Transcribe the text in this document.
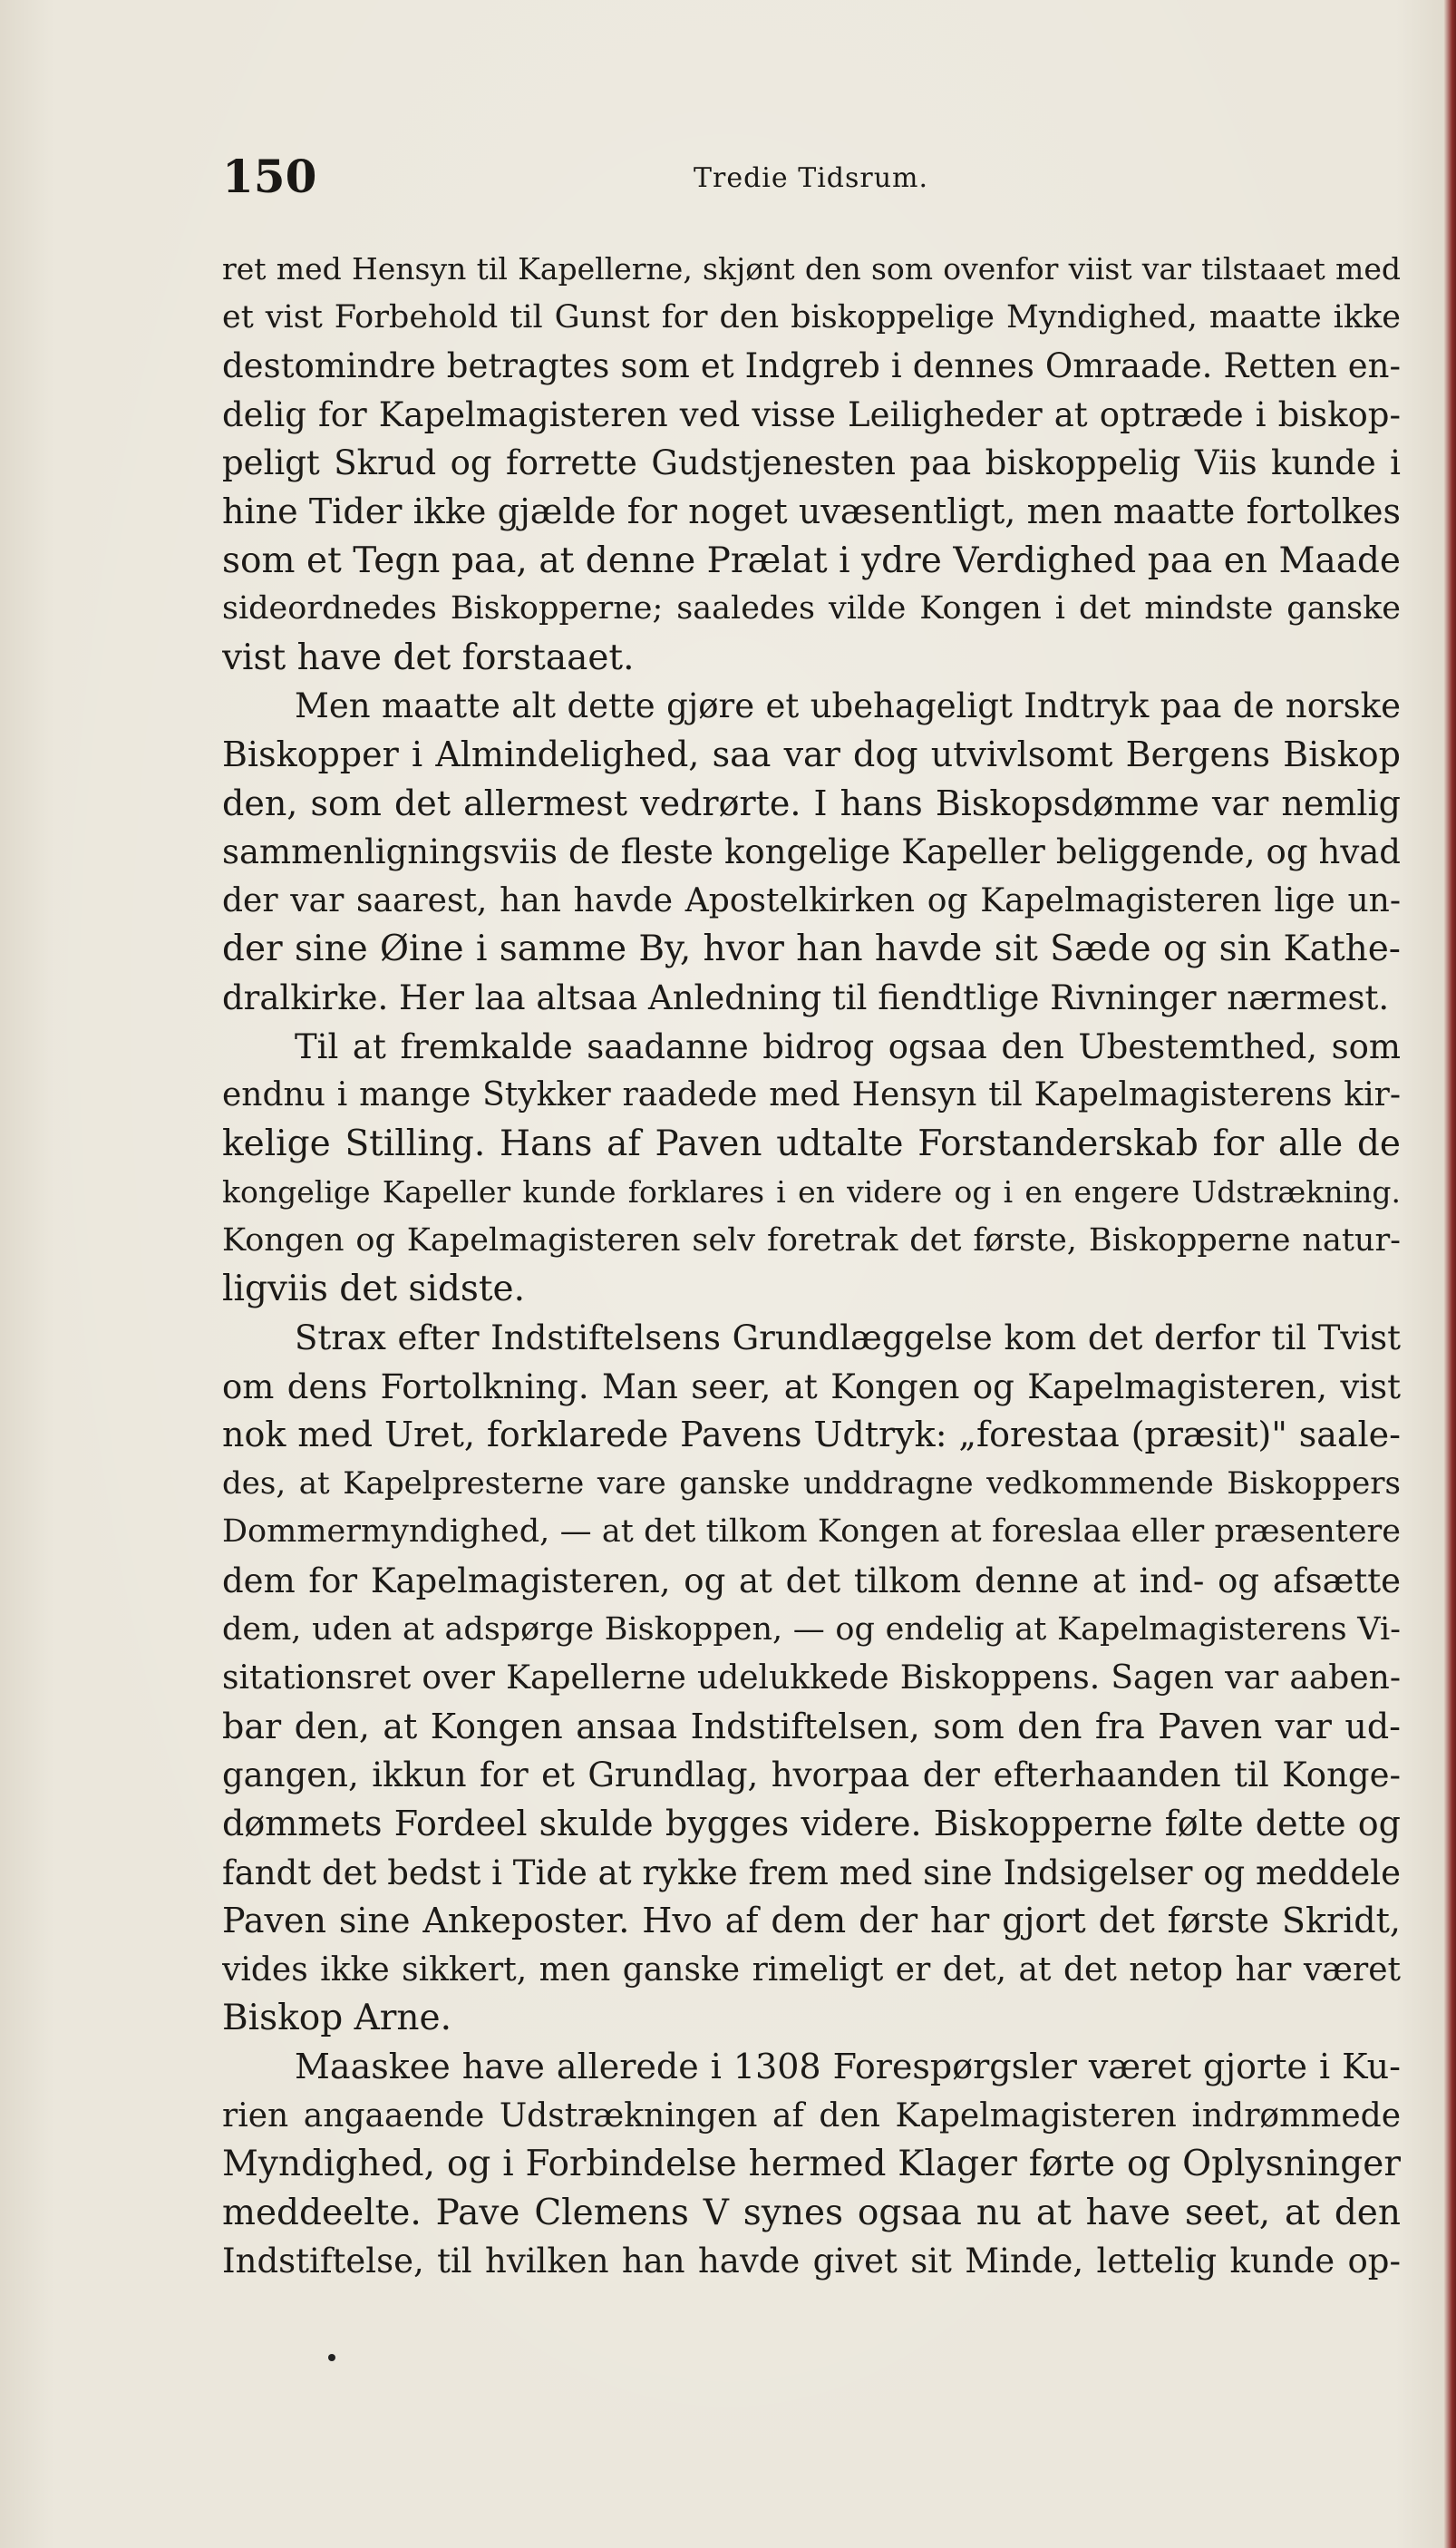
150	Tredie Tidsrum.
ret med Hensyn til Kapellerne, skjønt den som ovenfor viist var tilstaaet med
et vist Forbehold til Gunst for den biskoppelige Myndighed, maatte ikke
destomindre betragtes som et Indgreb i dennes Omraade. Retten en-
delig for Kapelmagisteren ved visse Leiligheder at optræde i biskop-
peligt Skrud og forrette Gudstjenesten paa biskoppelig Viis kunde i
hine Tider ikke gjælde for noget uvæsentligt, men maatte fortolkes
som et Tegn paa, at denne Prælat i ydre Verdighed paa en Maade
sideordnedes Biskopperne; saaledes vilde Kongen i det mindste ganske
vist have det forstaaet.
Men maatte alt dette gjøre et ubehageligt Indtryk paa de norske
Biskopper i Almindelighed, saa var dog utvivlsomt Bergens Biskop
den, som det allermest vedrørte. I hans Biskopsdømme var nemlig
sammenligningsviis de fleste kongelige Kapeller beliggende, og hvad
der var saarest, han havde Apostelkirken og Kapelmagisteren lige un-
der sine Øine i samme By, hvor han havde sit Sæde og sin Kathe-
dralkirke. Her laa altsaa Anledning til fiendtlige Rivninger nærmest.
Til at fremkalde saadanne bidrog ogsaa den Ubestemthed, som
endnu i mange Stykker raadede med Hensyn til Kapelmagisterens kir-
kelige Stilling. Hans af Paven udtalte Forstanderskab for alle de
kongelige Kapeller kunde forklares i en videre og i en engere Udstrækning.
Kongen og Kapelmagisteren selv foretrak det første, Biskopperne natur-
ligviis det sidste.
Strax efter Indstiftelsens Grundlæggelse kom det derfor til Tvist
om dens Fortolkning. Man seer, at Kongen og Kapelmagisteren, vist
nok med Uret, forklarede Pavens Udtryk: „forestaa (præsit)" saale-
des, at Kapelpresterne vare ganske unddragne vedkommende Biskoppers
Dommermyndighed, — at det tilkom Kongen at foreslaa eller præsentere
dem for Kapelmagisteren, og at det tilkom denne at ind- og afsætte
dem, uden at adspørge Biskoppen, — og endelig at Kapelmagisterens Vi-
sitationsret over Kapellerne udelukkede Biskoppens. Sagen var aaben-
bar den, at Kongen ansaa Indstiftelsen, som den fra Paven var ud-
gangen, ikkun for et Grundlag, hvorpaa der efterhaanden til Konge-
dømmets Fordeel skulde bygges videre. Biskopperne følte dette og
fandt det bedst i Tide at rykke frem med sine Indsigelser og meddele
Paven sine Ankeposter. Hvo af dem der har gjort det første Skridt,
vides ikke sikkert, men ganske rimeligt er det, at det netop har været
Biskop Arne.
Maaskee have allerede i 1308 Forespørgsler været gjorte i Ku-
rien angaaende Udstrækningen af den Kapelmagisteren indrømmede
Myndighed, og i Forbindelse hermed Klager førte og Oplysninger
meddeelte. Pave Clemens V synes ogsaa nu at have seet, at den
Indstiftelse, til hvilken han havde givet sit Minde, lettelig kunde op-
